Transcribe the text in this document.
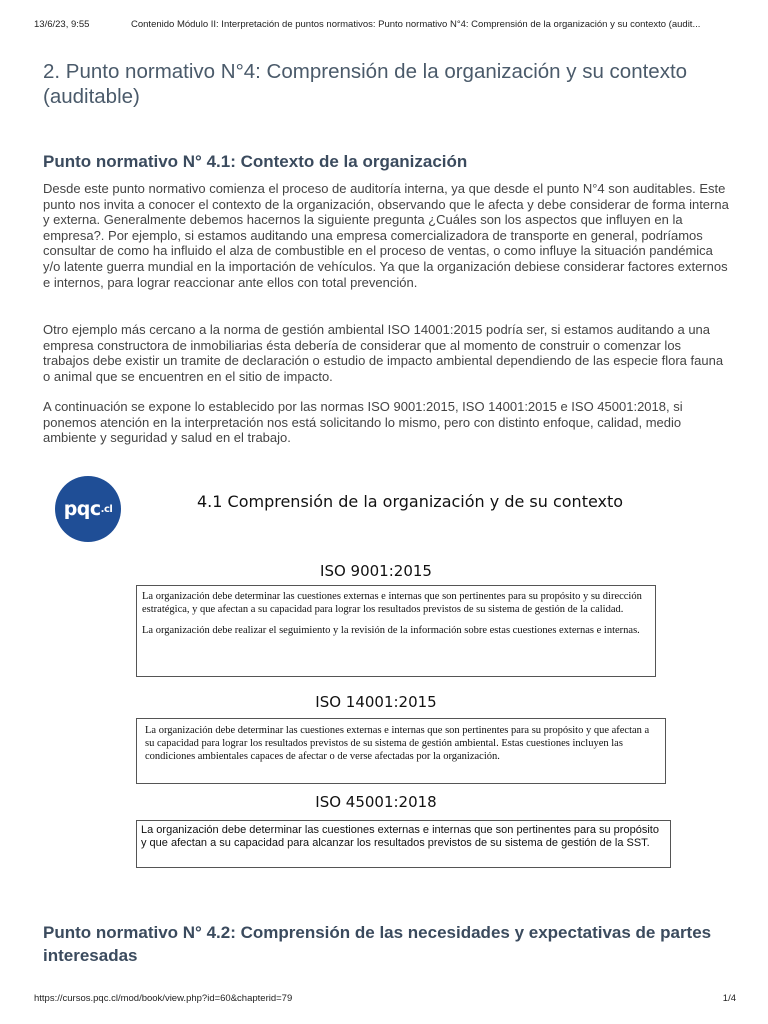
13/6/23, 9:55	Contenido Módulo II: Interpretación de puntos normativos: Punto normativo N°4: Comprensión de la organización y su contexto (audit...
2. Punto normativo N°4: Comprensión de la organización y su contexto (auditable)
Punto normativo N° 4.1: Contexto de la organización

Desde este punto normativo comienza el proceso de auditoría interna, ya que desde el punto N°4 son auditables. Este punto nos invita a conocer el contexto de la organización, observando que le afecta y debe considerar de forma interna y externa. Generalmente debemos hacernos la siguiente pregunta ¿Cuáles son los aspectos que influyen en la empresa?. Por ejemplo, si estamos auditando una empresa comercializadora de transporte en general, podríamos consultar de como ha influido el alza de combustible en el proceso de ventas, o como influye la situación pandémica y/o latente guerra mundial en la importación de vehículos. Ya que la organización debiese considerar factores externos e internos, para lograr reaccionar ante ellos con total prevención.

Otro ejemplo más cercano a la norma de gestión ambiental ISO 14001:2015 podría ser, si estamos auditando a una empresa constructora de inmobiliarias ésta debería de considerar que al momento de construir o comenzar los trabajos debe existir un tramite de declaración o estudio de impacto ambiental dependiendo de las especie flora fauna o animal que se encuentren en el sitio de impacto.

A continuación se expone lo establecido por las normas ISO 9001:2015, ISO 14001:2015 e ISO 45001:2018, si ponemos atención en la interpretación nos está solicitando lo mismo, pero con distinto enfoque, calidad, medio ambiente y seguridad y salud en el trabajo.

pqc .cl	4.1 Comprensión de la organización y de su contexto
ISO 9001:2015

La organización debe determinar las cuestiones externas e internas que son pertinentes para su propósito y su dirección estratégica, y que afectan a su capacidad para lograr los resultados previstos de su sistema de gestión de la calidad.

La organización debe realizar el seguimiento y la revisión de la información sobre estas cuestiones externas e internas.

ISO 14001:2015

La organización debe determinar las cuestiones externas e internas que son pertinentes para su propósito y que afectan a su capacidad para lograr los resultados previstos de su sistema de gestión ambiental. Estas cuestiones incluyen las condiciones ambientales capaces de afectar o de verse afectadas por la organización.

ISO 45001:2018

La organización debe determinar las cuestiones externas e internas que son pertinentes para su propósito y que afectan a su capacidad para alcanzar los resultados previstos de su sistema de gestión de la SST.

Punto normativo N° 4.2: Comprensión de las necesidades y expectativas de partes interesadas
https://cursos.pqc.cl/mod/book/view.php?id=60&chapterid=79	1/4
